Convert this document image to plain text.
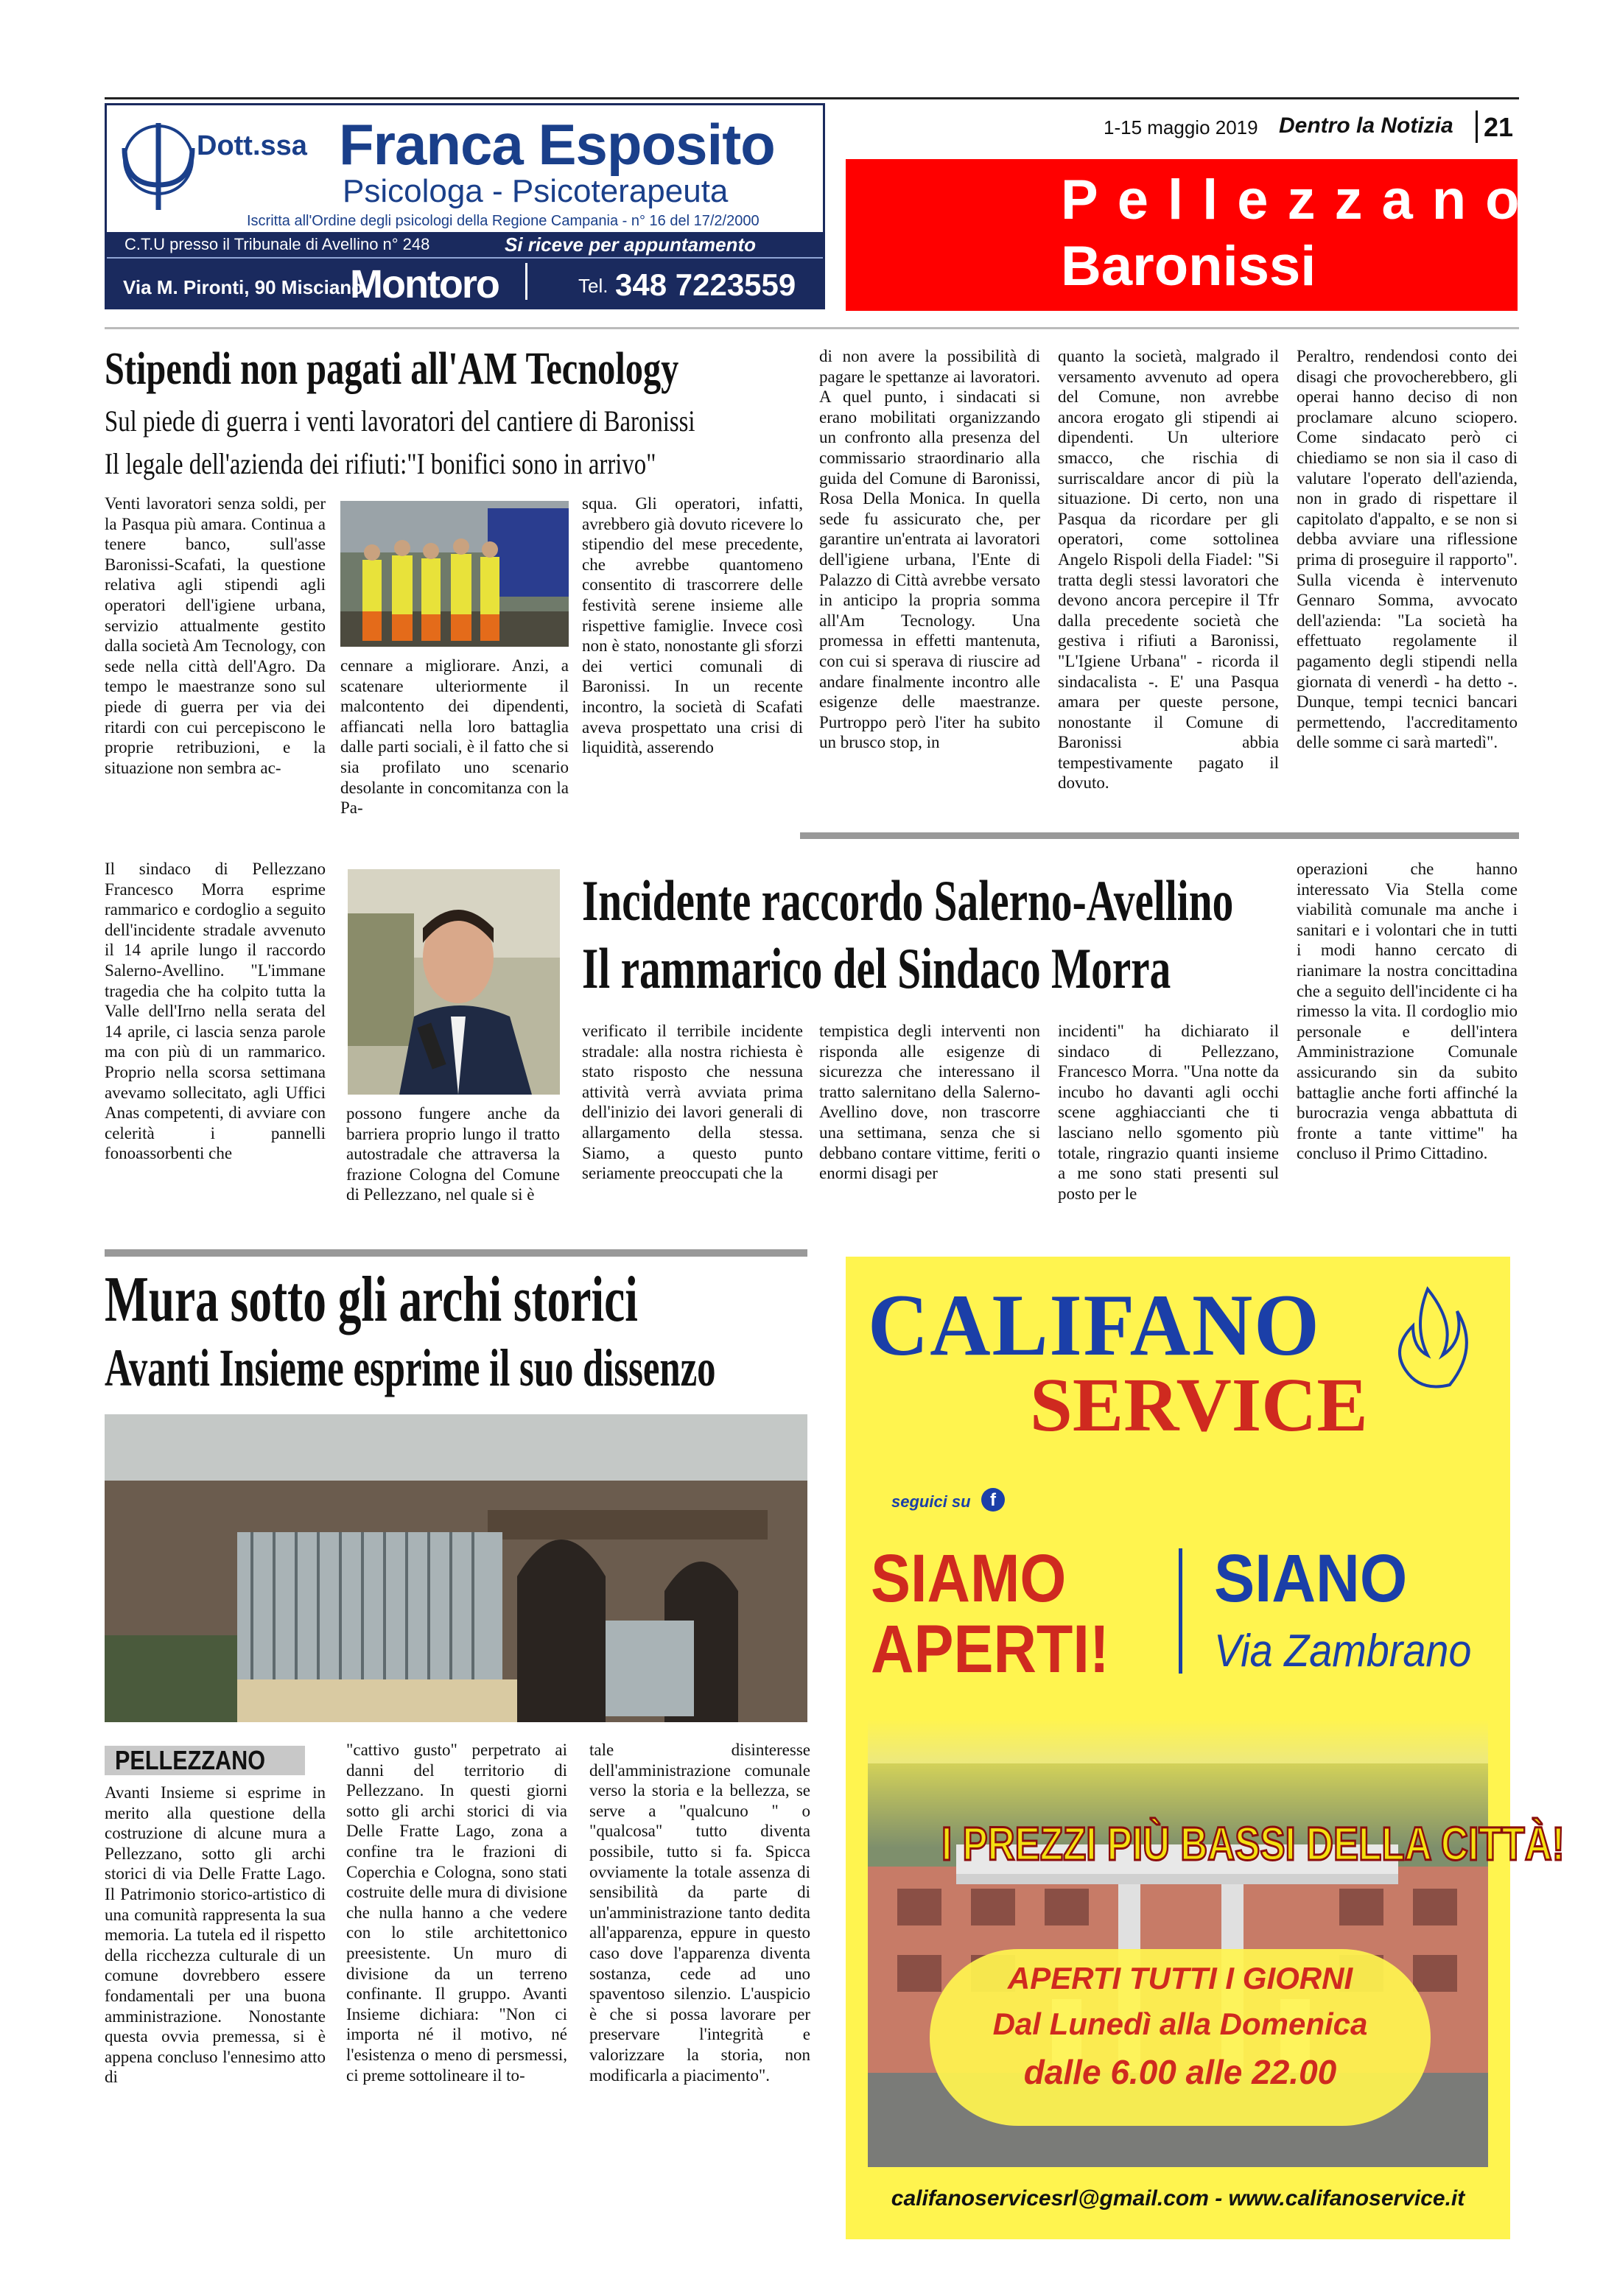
Dott.ssa Franca Esposito
Psicologa - Psicoterapeuta
Iscritta all'Ordine degli psicologi della Regione Campania - n° 16 del 17/2/2000
C.T.U presso il Tribunale di Avellino n° 248	Si riceve per appuntamento
Via M. Pironti, 90 Misciano
Montoro	Tel. 348 7223559
1-15 maggio 2019 Dentro la Notizia 21
Pellezzano
Baronissi
Stipendi non pagati all'AM Tecnology
Sul piede di guerra i venti lavoratori del cantiere di Baronissi
Il legale dell'azienda dei rifiuti:"I bonifici sono in arrivo"
Venti lavoratori senza soldi, per la Pasqua più amara. Continua a tenere banco, sull'asse Baronissi-Scafati, la questione relativa agli stipendi agli operatori dell'igiene urbana, servizio attualmente gestito dalla società Am Tecnology, con sede nella città dell'Agro. Da tempo le maestranze sono sul piede di guerra per via dei ritardi con cui percepiscono le proprie retribuzioni, e la situazione non sembra ac-
cennare a migliorare. Anzi, a scatenare ulteriormente il malcontento dei dipendenti, affiancati nella loro battaglia dalle parti sociali, è il fatto che si sia profilato uno scenario desolante in concomitanza con la Pa-
squa. Gli operatori, infatti, avrebbero già dovuto ricevere lo stipendio del mese precedente, che avrebbe quantomeno consentito di trascorrere delle festività serene insieme alle rispettive famiglie. Invece così non è stato, nonostante gli sforzi dei vertici comunali di Baronissi. In un recente incontro, la società di Scafati aveva prospettato una crisi di liquidità, asserendo
di non avere la possibilità di pagare le spettanze ai lavoratori. A quel punto, i sindacati si erano mobilitati organizzando un confronto alla presenza del commissario straordinario alla guida del Comune di Baronissi, Rosa Della Monica. In quella sede fu assicurato che, per garantire un'entrata ai lavoratori dell'igiene urbana, l'Ente di Palazzo di Città avrebbe versato in anticipo la propria somma all'Am Tecnology. Una promessa in effetti mantenuta, con cui si sperava di riuscire ad andare finalmente incontro alle esigenze delle maestranze. Purtroppo però l'iter ha subito un brusco stop, in
quanto la società, malgrado il versamento avvenuto ad opera del Comune, non avrebbe ancora erogato gli stipendi ai dipendenti. Un ulteriore smacco, che rischia di surriscaldare ancor di più la situazione. Di certo, non una Pasqua da ricordare per gli operatori, come sottolinea Angelo Rispoli della Fiadel: "Si tratta degli stessi lavoratori che devono ancora percepire il Tfr dalla precedente società che gestiva i rifiuti a Baronissi, "L'Igiene Urbana" - ricorda il sindacalista -. E' una Pasqua amara per queste persone, nonostante il Comune di Baronissi abbia tempestivamente pagato il dovuto.
Peraltro, rendendosi conto dei disagi che provocherebbero, gli operai hanno deciso di non proclamare alcuno sciopero. Come sindacato però ci chiediamo se non sia il caso di valutare l'operato dell'azienda, non in grado di rispettare il capitolato d'appalto, e se non si debba avviare una riflessione prima di proseguire il rapporto". Sulla vicenda è intervenuto Gennaro Somma, avvocato dell'azienda: "La società ha effettuato regolamente il pagamento degli stipendi nella giornata di venerdì - ha detto -. Dunque, tempi tecnici bancari permettendo, l'accreditamento delle somme ci sarà martedì".
Il sindaco di Pellezzano Francesco Morra esprime rammarico e cordoglio a seguito dell'incidente stradale avvenuto il 14 aprile lungo il raccordo Salerno-Avellino. "L'immane tragedia che ha colpito tutta la Valle dell'Irno nella serata del 14 aprile, ci lascia senza parole ma con più di un rammarico. Proprio nella scorsa settimana avevamo sollecitato, agli Uffici Anas competenti, di avviare con celerità i pannelli fonoassorbenti che
possono fungere anche da barriera proprio lungo il tratto autostradale che attraversa la frazione Cologna del Comune di Pellezzano, nel quale si è
Incidente raccordo Salerno-Avellino
Il rammarico del Sindaco Morra
verificato il terribile incidente stradale: alla nostra richiesta è stato risposto che nessuna attività verrà avviata prima dell'inizio dei lavori generali di allargamento della stessa. Siamo, a questo punto seriamente preoccupati che la
tempistica degli interventi non risponda alle esigenze di sicurezza che interessano il tratto salernitano della Salerno-Avellino dove, non trascorre una settimana, senza che si debbano contare vittime, feriti o enormi disagi per
incidenti" ha dichiarato il sindaco di Pellezzano, Francesco Morra. "Una notte da incubo ho davanti agli occhi scene agghiaccianti che ti lasciano nello sgomento più totale, ringrazio quanti insieme a me sono stati presenti sul posto per le
operazioni che hanno interessato Via Stella come viabilità comunale ma anche i sanitari e i volontari che in tutti i modi hanno cercato di rianimare la nostra concittadina che a seguito dell'incidente ci ha rimesso la vita. Il cordoglio mio personale e dell'intera Amministrazione Comunale assicurando sin da subito battaglie anche forti affinché la burocrazia venga abbattuta di fronte a tante vittime" ha concluso il Primo Cittadino.
Mura sotto gli archi storici
Avanti Insieme esprime il suo dissenzo
PELLEZZANO
Avanti Insieme si esprime in merito alla questione della costruzione di alcune mura a Pellezzano, sotto gli archi storici di via Delle Fratte Lago. Il Patrimonio storico-artistico di una comunità rappresenta la sua memoria. La tutela ed il rispetto della ricchezza culturale di un comune dovrebbero essere fondamentali per una buona amministrazione. Nonostante questa ovvia premessa, si è appena concluso l'ennesimo atto di
"cattivo gusto" perpetrato ai danni del territorio di Pellezzano. In questi giorni sotto gli archi storici di via Delle Fratte Lago, zona a confine tra le frazioni di Coperchia e Cologna, sono stati costruite delle mura di divisione che nulla hanno a che vedere con lo stile architettonico preesistente. Un muro di divisione da un terreno confinante. Il gruppo. Avanti Insieme dichiara: "Non ci importa né il motivo, né l'esistenza o meno di persmessi, ci preme sottolineare il to-
tale disinteresse dell'amministrazione comunale verso la storia e la bellezza, se serve a "qualcuno " o "qualcosa" tutto diventa possibile, tutto si fa. Spicca ovviamente la totale assenza di sensibilità da parte di un'amministrazione tanto dedita all'apparenza, eppure in questo caso dove l'apparenza diventa sostanza, cede ad uno spaventoso silenzio. L'auspicio è che si possa lavorare per preservare l'integrità e valorizzare la storia, non modificarla a piacimento".
CALIFANO
SERVICE
seguici su	f
SIAMO
APERTI!
SIANO
Via Zambrano
I PREZZI PIÙ BASSI DELLA CITTÀ!
APERTI TUTTI I GIORNI
Dal Lunedì alla Domenica
dalle 6.00 alle 22.00
califanoservicesrl@gmail.com - www.califanoservice.it
